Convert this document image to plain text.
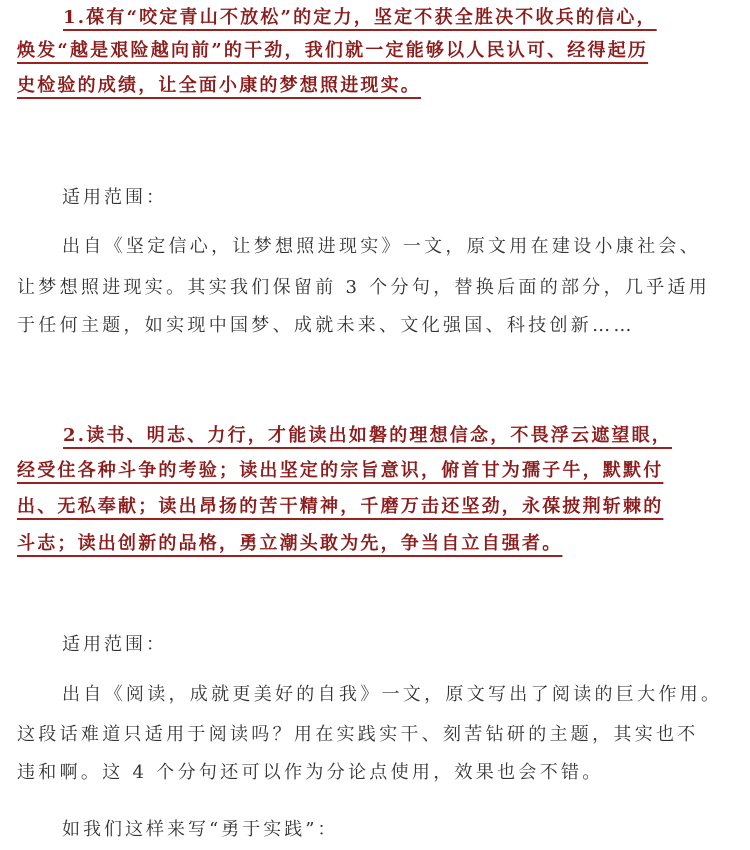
1.葆有“咬定青山不放松”的定力，坚定不获全胜决不收兵的信心，

焕发“越是艰险越向前”的干劲，我们就一定能够以人民认可、经得起历

史检验的成绩，让全面小康的梦想照进现实。

适用范围：

出自《坚定信心，让梦想照进现实》一文，原文用在建设小康社会、

让梦想照进现实。其实我们保留前 3 个分句，替换后面的部分，几乎适用

于任何主题，如实现中国梦、成就未来、文化强国、科技创新……

2.读书、明志、力行，才能读出如磐的理想信念，不畏浮云遮望眼，

经受住各种斗争的考验；读出坚定的宗旨意识，俯首甘为孺子牛，默默付

出、无私奉献；读出昂扬的苦干精神，千磨万击还坚劲，永葆披荆斩棘的

斗志；读出创新的品格，勇立潮头敢为先，争当自立自强者。

适用范围：

出自《阅读，成就更美好的自我》一文，原文写出了阅读的巨大作用。

这段话难道只适用于阅读吗？用在实践实干、刻苦钻研的主题，其实也不

违和啊。这 4 个分句还可以作为分论点使用，效果也会不错。

如我们这样来写“勇于实践”：
